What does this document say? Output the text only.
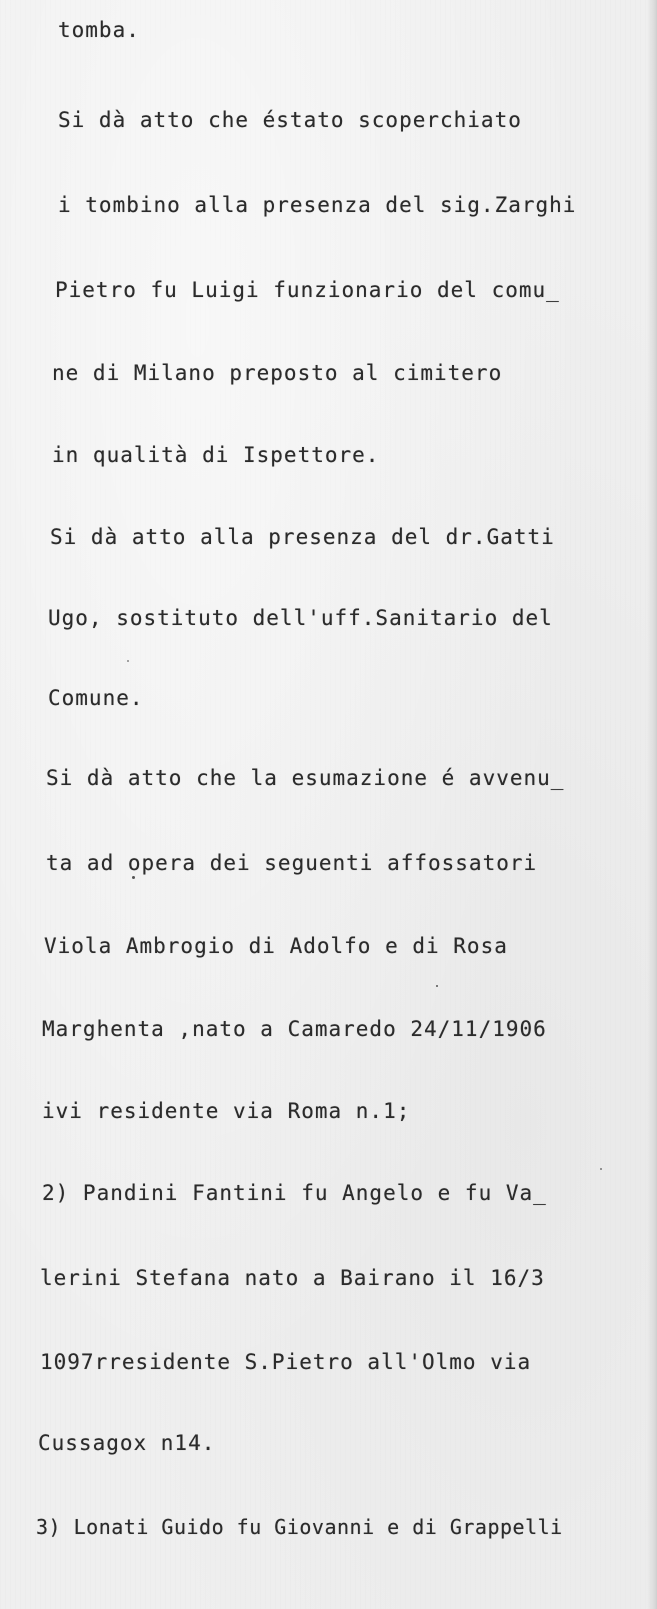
tomba.
Si dà atto che éstato scoperchiato
i tombino alla presenza del sig.Zarghi
Pietro fu Luigi funzionario del comu_
ne di Milano preposto al cimitero
in qualità di Ispettore.
Si dà atto alla presenza del dr.Gatti
Ugo, sostituto dell'uff.Sanitario del
Comune.
Si dà atto che la esumazione é avvenu_
ta ad opera dei seguenti affossatori
Viola Ambrogio di Adolfo e di Rosa
Marghenta ,nato a Camaredo 24/11/1906
ivi residente via Roma n.1;
2) Pandini Fantini fu Angelo e fu Va_
lerini Stefana nato a Bairano il 16/3
1097rresidente S.Pietro all'Olmo via
Cussagox n14.
3) Lonati Guido fu Giovanni e di Grappelli
